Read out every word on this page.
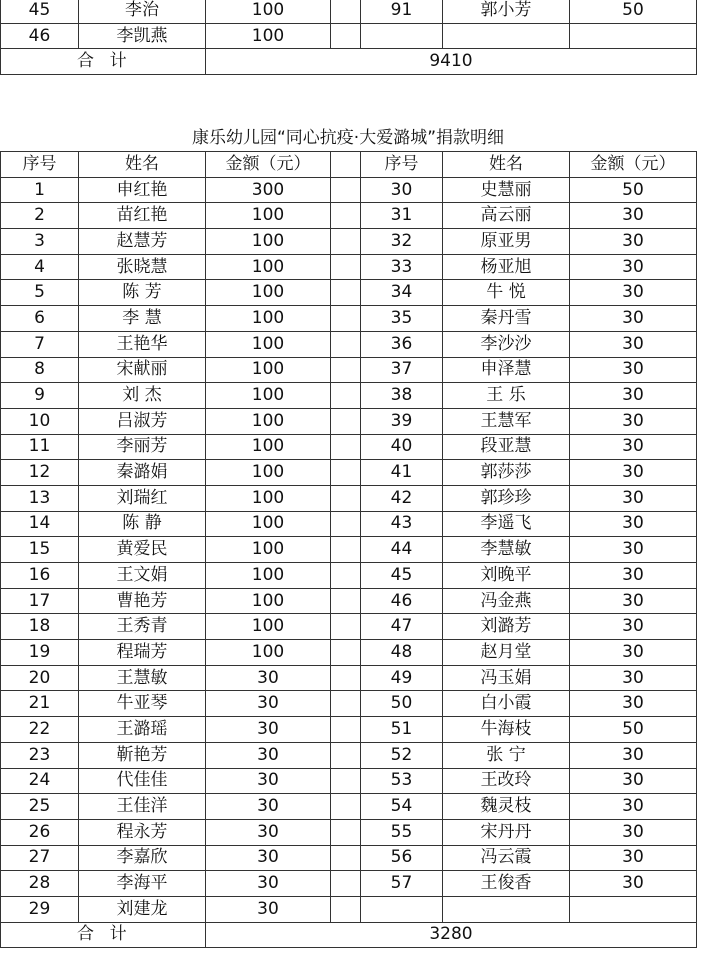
45	李治	100		91	郭小芳	50
46	李凯燕	100				
合 计		9410				
康乐幼儿园“同心抗疫·大爱潞城”捐款明细
序号	姓名	金额（元）		序号	姓名	金额（元）
1	申红艳	300		30	史慧丽	50
2	苗红艳	100		31	高云丽	30
3	赵慧芳	100		32	原亚男	30
4	张晓慧	100		33	杨亚旭	30
5	陈 芳	100		34	牛 悦	30
6	李 慧	100		35	秦丹雪	30
7	王艳华	100		36	李沙沙	30
8	宋献丽	100		37	申泽慧	30
9	刘 杰	100		38	王 乐	30
10	吕淑芳	100		39	王慧军	30
11	李丽芳	100		40	段亚慧	30
12	秦潞娟	100		41	郭莎莎	30
13	刘瑞红	100		42	郭珍珍	30
14	陈 静	100		43	李遥飞	30
15	黄爱民	100		44	李慧敏	30
16	王文娟	100		45	刘晚平	30
17	曹艳芳	100		46	冯金燕	30
18	王秀青	100		47	刘潞芳	30
19	程瑞芳	100		48	赵月堂	30
20	王慧敏	30		49	冯玉娟	30
21	牛亚琴	30		50	白小霞	30
22	王潞瑶	30		51	牛海枝	50
23	靳艳芳	30		52	张 宁	30
24	代佳佳	30		53	王改玲	30
25	王佳洋	30		54	魏灵枝	30
26	程永芳	30		55	宋丹丹	30
27	李嘉欣	30		56	冯云霞	30
28	李海平	30		57	王俊香	30
29	刘建龙	30				
合 计		3280				
